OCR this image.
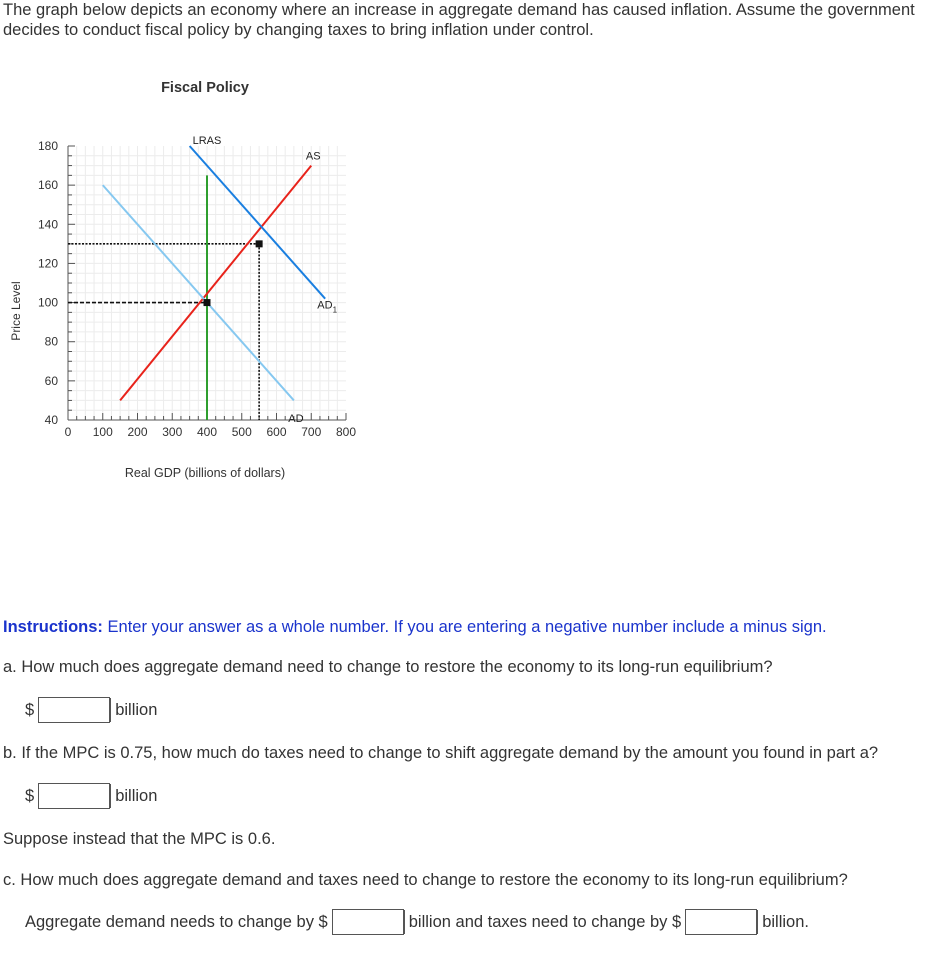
The graph below depicts an economy where an increase in aggregate demand has caused inflation. Assume the government decides to conduct fiscal policy by changing taxes to bring inflation under control.

Fiscal Policy
Price Level
Real GDP (billions of dollars)
0 100 200 300 400 500 600 700 800
40
60
80
100
120
140
160
180	LRAS
AS
AD
$AD_1$

Instructions: Enter your answer as a whole number. If you are entering a negative number include a minus sign.

a. How much does aggregate demand need to change to restore the economy to its long-run equilibrium?

$	billion

b. If the MPC is 0.75, how much do taxes need to change to shift aggregate demand by the amount you found in part a?

$	billion

Suppose instead that the MPC is 0.6.

c. How much does aggregate demand and taxes need to change to restore the economy to its long-run equilibrium?

Aggregate demand needs to change by $	billion and taxes need to change by $	billion.
